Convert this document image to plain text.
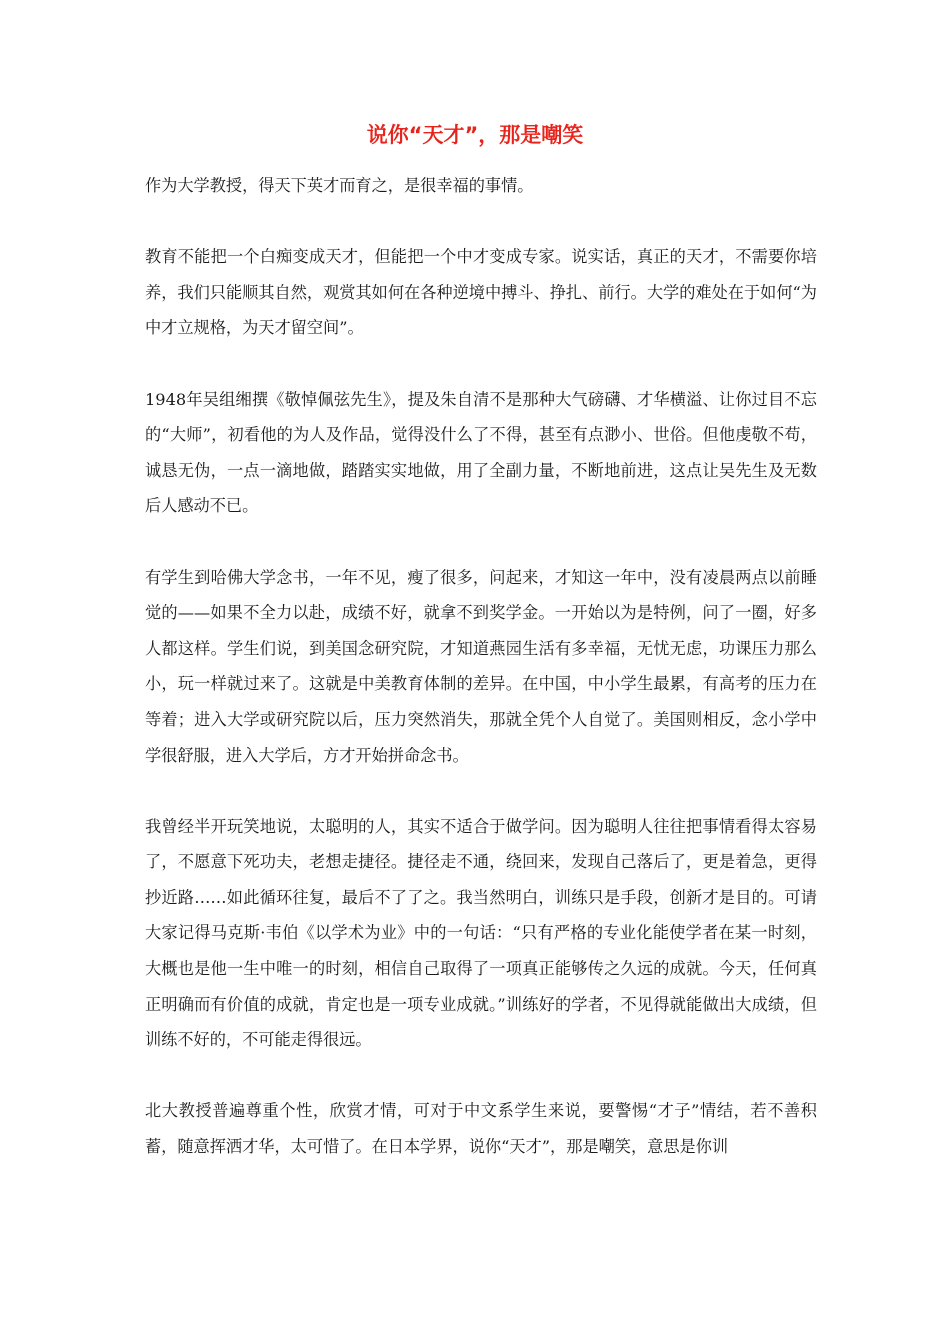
说你“天才”，那是嘲笑

作为大学教授，得天下英才而育之，是很幸福的事情。

教育不能把一个白痴变成天才，但能把一个中才变成专家。说实话，真正的天才，不需要你培养，我们只能顺其自然，观赏其如何在各种逆境中搏斗、挣扎、前行。大学的难处在于如何“为中才立规格，为天才留空间”。

1948年吴组缃撰《敬悼佩弦先生》，提及朱自清不是那种大气磅礴、才华横溢、让你过目不忘的“大师”，初看他的为人及作品，觉得没什么了不得，甚至有点渺小、世俗。但他虔敬不苟，诚恳无伪，一点一滴地做，踏踏实实地做，用了全副力量，不断地前进，这点让吴先生及无数后人感动不已。

有学生到哈佛大学念书，一年不见，瘦了很多，问起来，才知这一年中，没有凌晨两点以前睡觉的——如果不全力以赴，成绩不好，就拿不到奖学金。一开始以为是特例，问了一圈，好多人都这样。学生们说，到美国念研究院，才知道燕园生活有多幸福，无忧无虑，功课压力那么小，玩一样就过来了。这就是中美教育体制的差异。在中国，中小学生最累，有高考的压力在等着；进入大学或研究院以后，压力突然消失，那就全凭个人自觉了。美国则相反，念小学中学很舒服，进入大学后，方才开始拼命念书。

我曾经半开玩笑地说，太聪明的人，其实不适合于做学问。因为聪明人往往把事情看得太容易了，不愿意下死功夫，老想走捷径。捷径走不通，绕回来，发现自己落后了，更是着急，更得抄近路……如此循环往复，最后不了了之。我当然明白，训练只是手段，创新才是目的。可请大家记得马克斯·韦伯《以学术为业》中的一句话：“只有严格的专业化能使学者在某一时刻，大概也是他一生中唯一的时刻，相信自己取得了一项真正能够传之久远的成就。今天，任何真正明确而有价值的成就，肯定也是一项专业成就。”训练好的学者，不见得就能做出大成绩，但训练不好的，不可能走得很远。

北大教授普遍尊重个性，欣赏才情，可对于中文系学生来说，要警惕“才子”情结，若不善积蓄，随意挥洒才华，太可惜了。在日本学界，说你“天才”，那是嘲笑，意思是你训
